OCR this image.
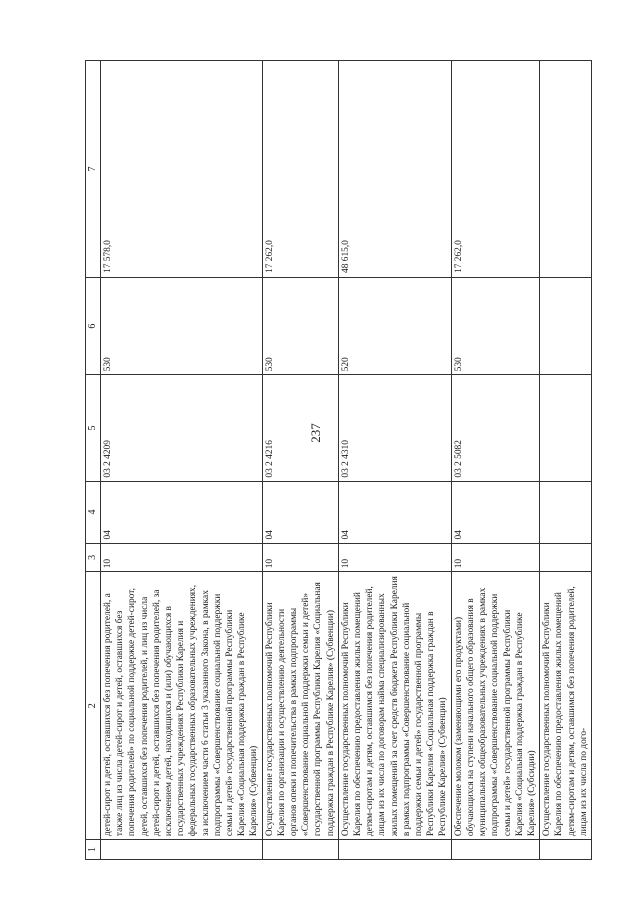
237
1	2	3	4	5	6	7
	детей-сирот и детей, оставшихся без попечения родителей, а также лиц из числа детей-сирот и детей, оставшихся без попечения родителей» по социальной поддержке детей-сирот, детей, оставшихся без попечения родителей, и лиц из числа детей-сирот и детей, оставшихся без попечения родителей, за исключением детей, находящихся и (или) обучающихся в государственных учреждениях Республики Карелия и федеральных государственных образовательных учреждениях, за исключением части 6 статьи 3 указанного Закона, в рамках подпрограммы «Совершенствование социальной поддержки семьи и детей» государственной программы Республики Карелия «Социальная поддержка граждан в Республике Карелия» (Субвенции)	10	04	03 2 4209	530	17 578,0
	Осуществление государственных полномочий Республики Карелия по организации и осуществлению деятельности органов опеки и попечительства в рамках подпрограммы «Совершенствование социальной поддержки семьи и детей» государственной программы Республики Карелия «Социальная поддержка граждан в Республике Карелия» (Субвенции)	10	04	03 2 4216	530	17 262,0
	Осуществление государственных полномочий Республики Карелия по обеспечению предоставления жилых помещений детям-сиротам и детям, оставшимся без попечения родителей, лицам из их числа по договорам найма специализированных жилых помещений за счет средств бюджета Республики Карелия в рамках подпрограммы «Совершенствование социальной поддержки семьи и детей» государственной программы Республики Карелия «Социальная поддержка граждан в Республике Карелия» (Субвенции)	10	04	03 2 4310	520	48 615,0
	Обеспечение молоком (заменяющими его продуктами) обучающихся на ступени начального общего образования в муниципальных общеобразовательных учреждениях в рамках подпрограммы «Совершенствование социальной поддержки семьи и детей» государственной программы Республики Карелия «Социальная поддержка граждан в Республике Карелия» (Субсидии)	10	04	03 2 5082	530	17 262,0
	Осуществление государственных полномочий Республики Карелия по обеспечению предоставления жилых помещений детям-сиротам и детям, оставшимся без попечения родителей, лицам из их числа по дого-					
